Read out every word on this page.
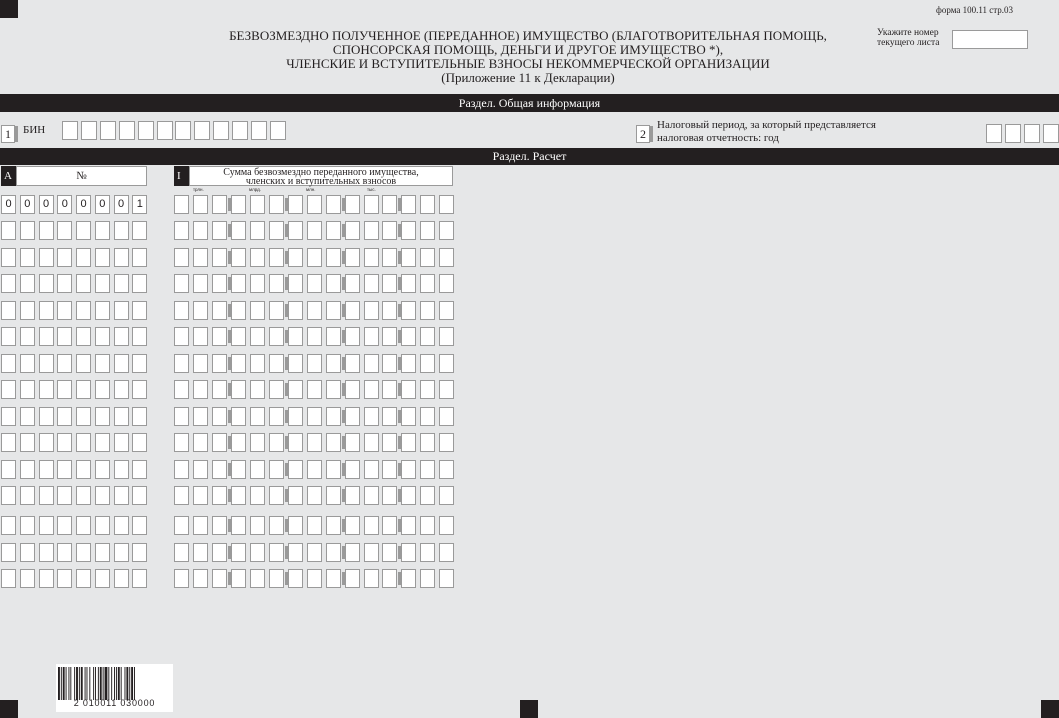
форма 100.11 стр.03
БЕЗВОЗМЕЗДНО ПОЛУЧЕННОЕ (ПЕРЕДАННОЕ) ИМУЩЕСТВО (БЛАГОТВОРИТЕЛЬНАЯ ПОМОЩЬ,
СПОНСОРСКАЯ ПОМОЩЬ, ДЕНЬГИ И ДРУГОЕ ИМУЩЕСТВО *),
ЧЛЕНСКИЕ И ВСТУПИТЕЛЬНЫЕ ВЗНОСЫ НЕКОММЕРЧЕСКОЙ ОРГАНИЗАЦИИ
(Приложение 11 к Декларации)
Укажите номер
текущего листа
Раздел. Общая информация
1	БИН	2
Налоговый период, за который представляется
налоговая отчетность: год
Раздел. Расчет
A	№	I	Сумма безвозмездно переданного имущества,
членских и вступительных взносов
трлн.	млрд.	млн.	тыс.
0	0	0	0	0	0	0	1
2 010011 030000
